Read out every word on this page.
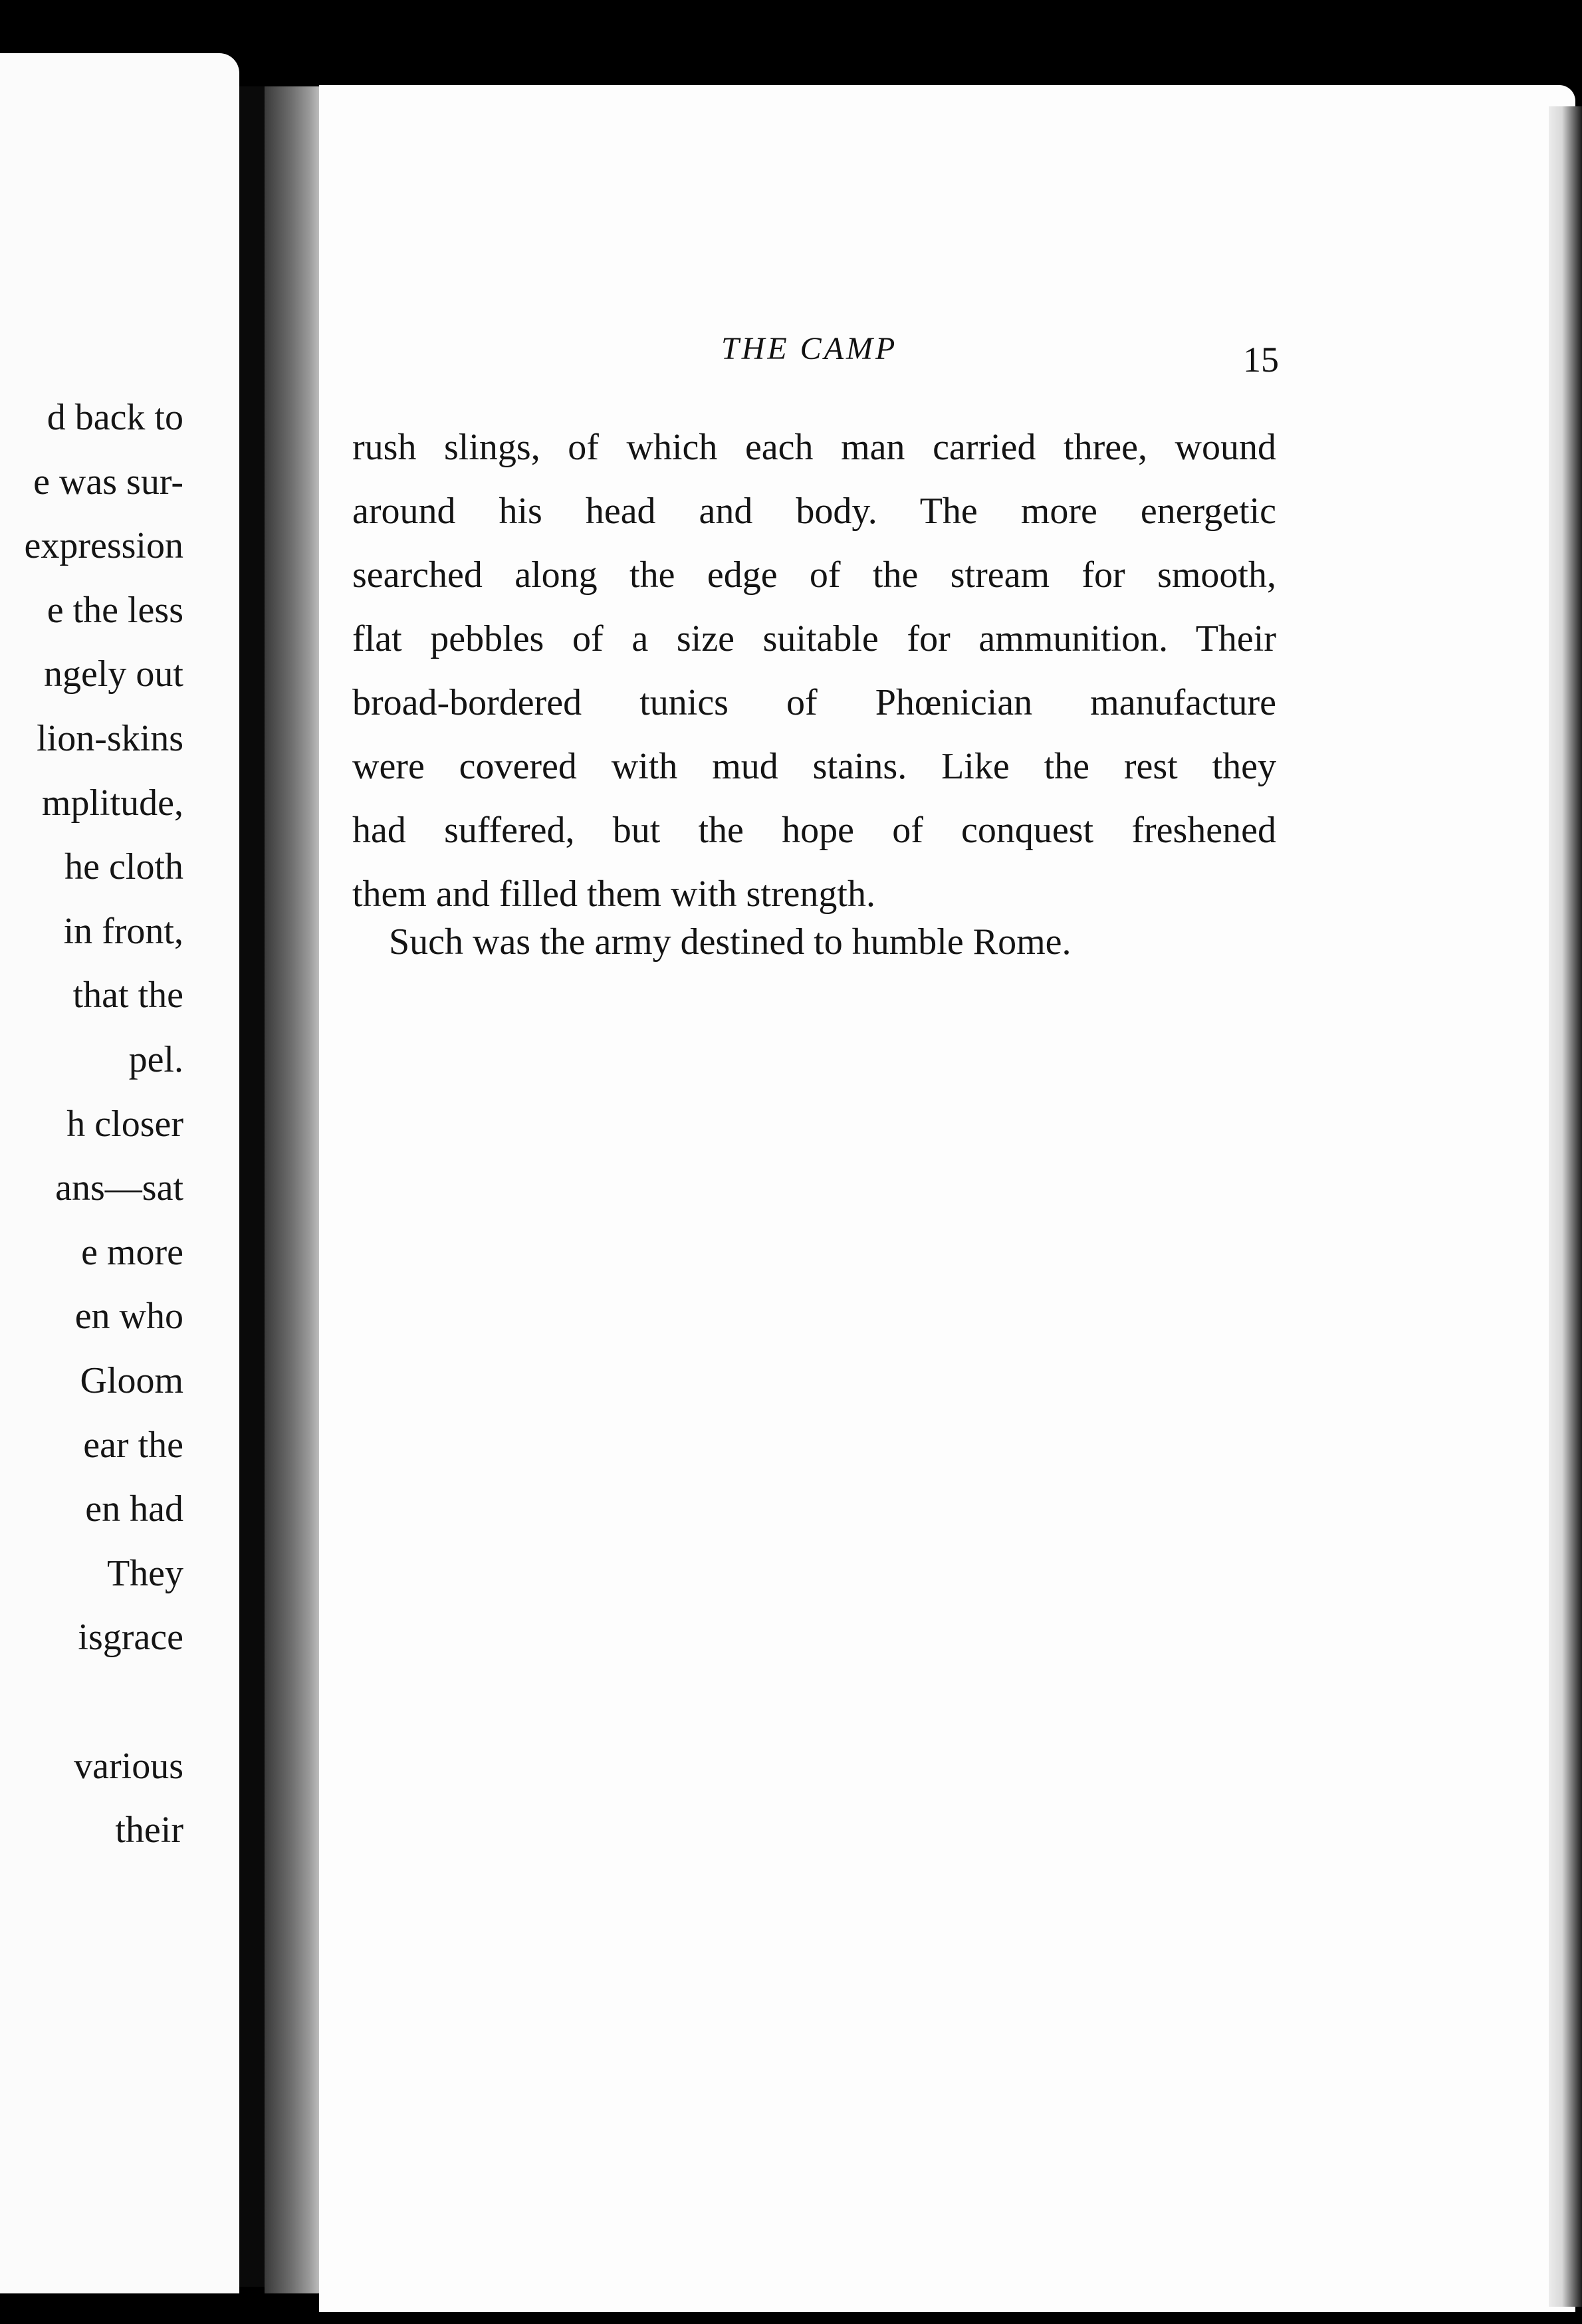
d back to
e was sur-
expression
e the less
ngely out
lion-skins
mplitude,
he cloth
in front,
that the
pel.
h closer
ans—sat
e more
en who
Gloom
ear the
en had
They
isgrace
various
their
THE CAMP	15
rush slings, of which each man carried three, wound
around his head and body. The more energetic
searched along the edge of the stream for smooth,
flat pebbles of a size suitable for ammunition. Their
broad-bordered tunics of Phœnician manufacture
were covered with mud stains. Like the rest they
had suffered, but the hope of conquest freshened
them and filled them with strength.
Such was the army destined to humble Rome.
